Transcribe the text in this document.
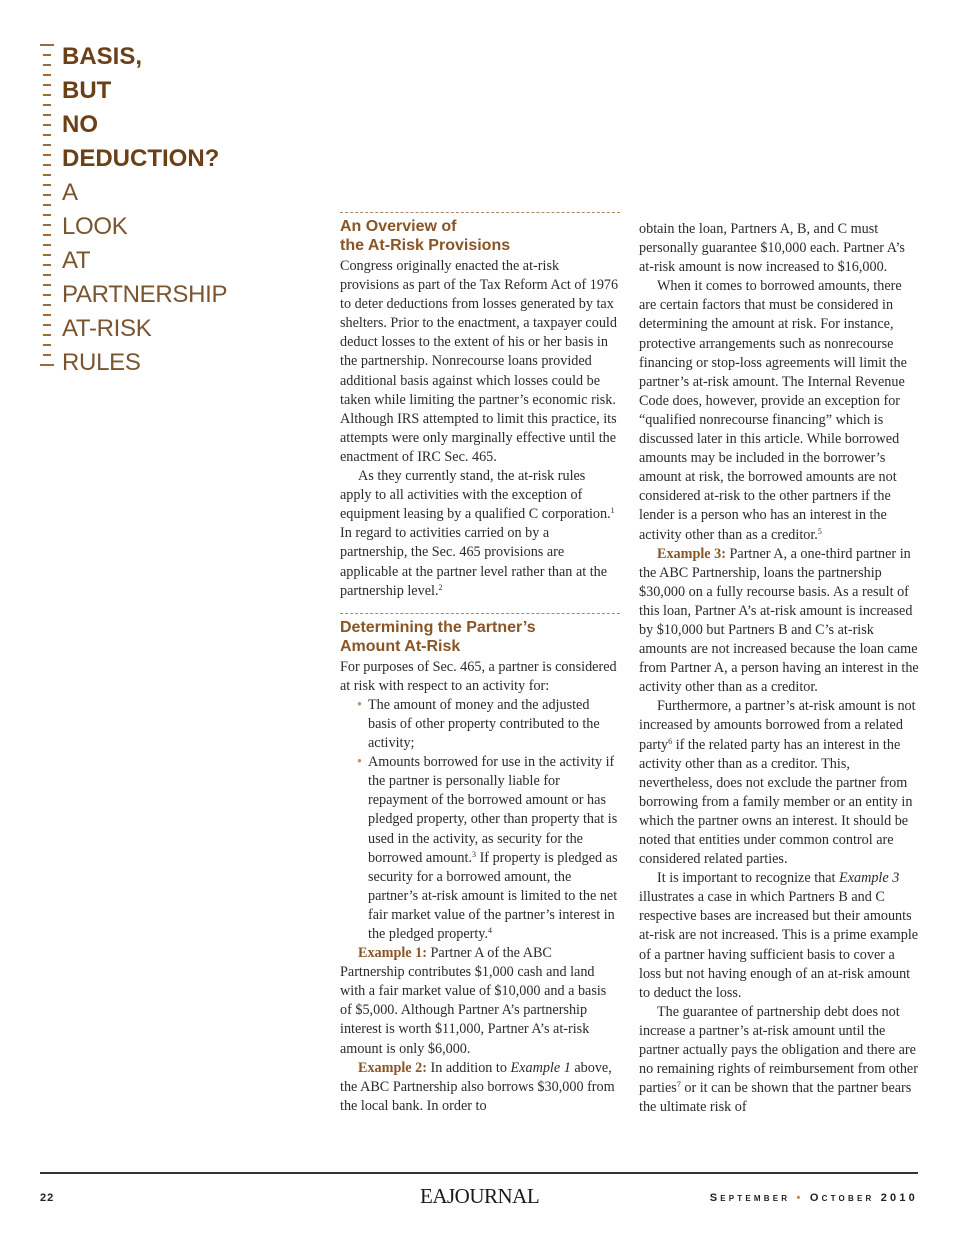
BASIS,
BUT
NO
DEDUCTION?
A
LOOK
AT
PARTNERSHIP
AT-RISK
RULES
An Overview of
the At-Risk Provisions

Congress originally enacted the at-risk provisions as part of the Tax Reform Act of 1976 to deter deductions from losses generated by tax shelters. Prior to the enactment, a taxpayer could deduct losses to the extent of his or her basis in the partnership. Nonrecourse loans provided additional basis against which losses could be taken while limiting the partner’s economic risk. Although IRS attempted to limit this practice, its attempts were only marginally effective until the enactment of IRC Sec. 465.

As they currently stand, the at-risk rules apply to all activities with the exception of equipment leasing by a qualified C corporation.$^1$ In regard to activities carried on by a partnership, the Sec. 465 provisions are applicable at the partner level rather than at the partnership level.$^2$

Determining the Partner’s
Amount At-Risk

For purposes of Sec. 465, a partner is considered at risk with respect to an activity for:

• The amount of money and the adjusted basis of other property contributed to the activity;
• Amounts borrowed for use in the activity if the partner is personally liable for repayment of the borrowed amount or has pledged property, other than property that is used in the activity, as security for the borrowed amount.$^3$ If property is pledged as security for a borrowed amount, the partner’s at-risk amount is limited to the net fair market value of the partner’s interest in the pledged property.$^4$

Example 1: Partner A of the ABC Partnership contributes $1,000 cash and land with a fair market value of $10,000 and a basis of $5,000. Although Partner A’s partnership interest is worth $11,000, Partner A’s at-risk amount is only $6,000.

Example 2: In addition to Example 1 above, the ABC Partnership also borrows $30,000 from the local bank. In order to

obtain the loan, Partners A, B, and C must personally guarantee $10,000 each. Partner A’s at-risk amount is now increased to $16,000.

When it comes to borrowed amounts, there are certain factors that must be considered in determining the amount at risk. For instance, protective arrangements such as nonrecourse financing or stop-loss agreements will limit the partner’s at-risk amount. The Internal Revenue Code does, however, provide an exception for “qualified nonrecourse financing” which is discussed later in this article. While borrowed amounts may be included in the borrower’s amount at risk, the borrowed amounts are not considered at-risk to the other partners if the lender is a person who has an interest in the activity other than as a creditor.$^5$

Example 3: Partner A, a one-third partner in the ABC Partnership, loans the partnership $30,000 on a fully recourse basis. As a result of this loan, Partner A’s at-risk amount is increased by $10,000 but Partners B and C’s at-risk amounts are not increased because the loan came from Partner A, a person having an interest in the activity other than as a creditor.

Furthermore, a partner’s at-risk amount is not increased by amounts borrowed from a related party$^6$ if the related party has an interest in the activity other than as a creditor. This, nevertheless, does not exclude the partner from borrowing from a family member or an entity in which the partner owns an interest. It should be noted that entities under common control are considered related parties.

It is important to recognize that Example 3 illustrates a case in which Partners B and C respective bases are increased but their amounts at-risk are not increased. This is a prime example of a partner having sufficient basis to cover a loss but not having enough of an at-risk amount to deduct the loss.

The guarantee of partnership debt does not increase a partner’s at-risk amount until the partner actually pays the obligation and there are no remaining rights of reimbursement from other parties$^7$ or it can be shown that the partner bears the ultimate risk of

22	EAJOURNAL	September • October 2010
